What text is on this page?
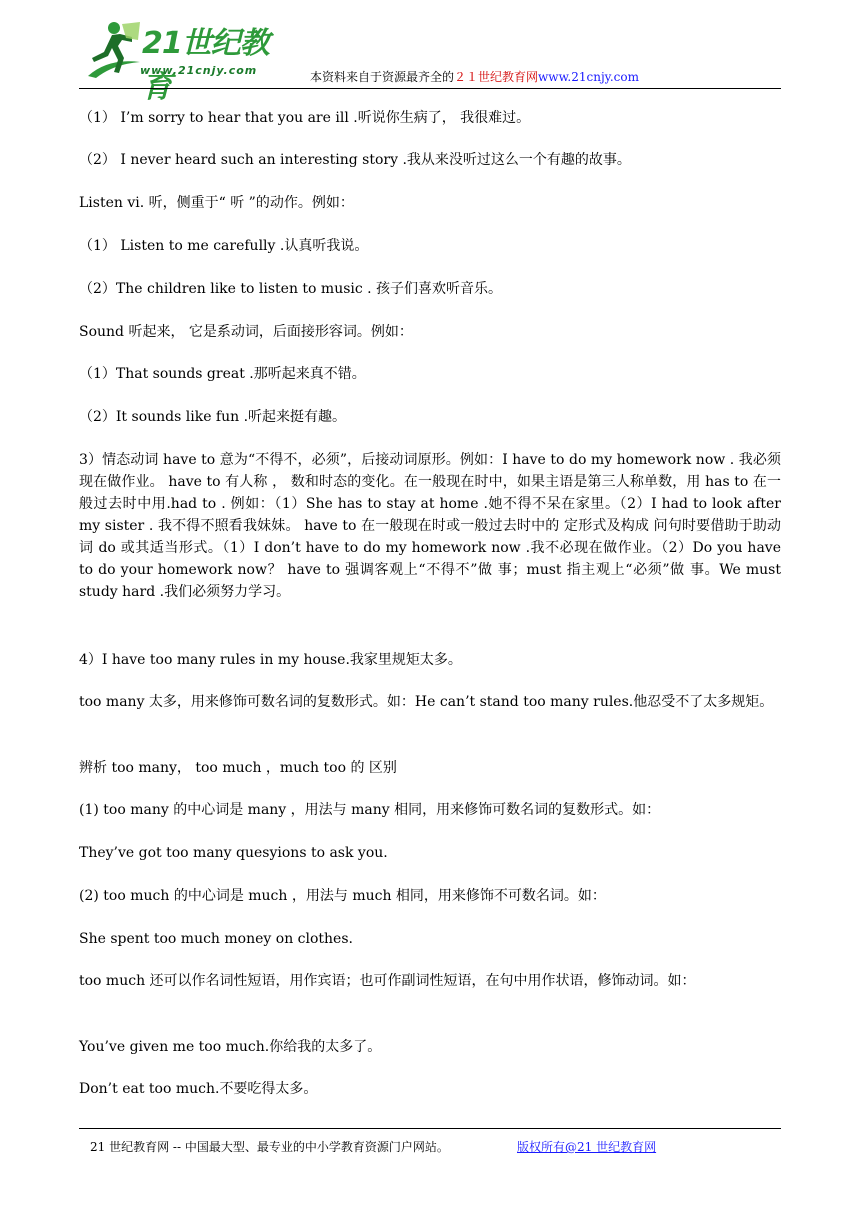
21世纪教育
www.21cnjy.com	本资料来自于资源最齐全的２１世纪教育网www.21cnjy.com
（1） I’m sorry to hear that you are ill .听说你生病了， 我很难过。
（2） I never heard such an interesting story .我从来没听过这么一个有趣的故事。
Listen vi. 听，侧重于“ 听 ”的动作。例如：
（1） Listen to me carefully .认真听我说。
（2）The children like to listen to music . 孩子们喜欢听音乐。
Sound 听起来， 它是系动词，后面接形容词。例如：
（1）That sounds great .那听起来真不错。
（2）It sounds like fun .听起来挺有趣。
3）情态动词 have to 意为“不得不，必须”，后接动词原形。例如：I have to do my homework now . 我必须现在做作业。 have to 有人称 ， 数和时态的变化。在一般现在时中，如果主语是第三人称单数，用 has to 在一般过去时中用.had to . 例如：（1）She has to stay at home .她不得不呆在家里。（2）I had to look after my sister . 我不得不照看我妹妹。 have to 在一般现在时或一般过去时中的 定形式及构成 问句时要借助于助动词 do 或其适当形式。（1）I don’t have to do my homework now .我不必现在做作业。（2）Do you have to do your homework now？ have to 强调客观上“不得不”做 事；must 指主观上“必须”做 事。We must study hard .我们必须努力学习。
4）I have too many rules in my house.我家里规矩太多。
too many 太多，用来修饰可数名词的复数形式。如：He can’t stand too many rules.他忍受不了太多规矩。
辨析 too many， too much ，much too 的 区别
(1) too many 的中心词是 many ，用法与 many 相同，用来修饰可数名词的复数形式。如：
They’ve got too many quesyions to ask you.
(2) too much 的中心词是 much ，用法与 much 相同，用来修饰不可数名词。如：
She spent too much money on clothes.
too much 还可以作名词性短语，用作宾语；也可作副词性短语，在句中用作状语，修饰动词。如：
You’ve given me too much.你给我的太多了。
Don’t eat too much.不要吃得太多。
21 世纪教育网 -- 中国最大型、最专业的中小学教育资源门户网站。	版权所有@21 世纪教育网
